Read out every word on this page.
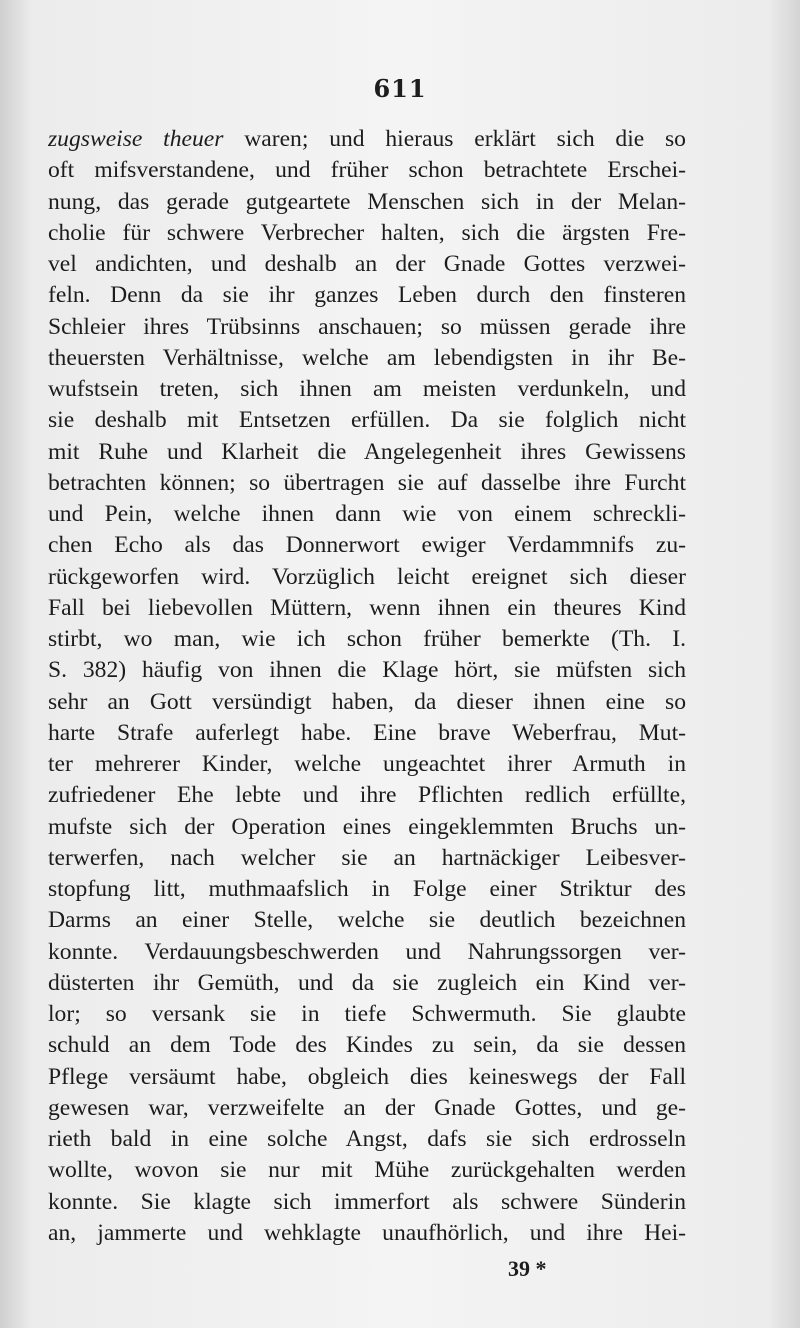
611
zugsweise theuer waren; und hieraus erklärt sich die so
oft mifsverstandene, und früher schon betrachtete Erschei-
nung, das gerade gutgeartete Menschen sich in der Melan-
cholie für schwere Verbrecher halten, sich die ärgsten Fre-
vel andichten, und deshalb an der Gnade Gottes verzwei-
feln. Denn da sie ihr ganzes Leben durch den finsteren
Schleier ihres Trübsinns anschauen; so müssen gerade ihre
theuersten Verhältnisse, welche am lebendigsten in ihr Be-
wufstsein treten, sich ihnen am meisten verdunkeln, und
sie deshalb mit Entsetzen erfüllen. Da sie folglich nicht
mit Ruhe und Klarheit die Angelegenheit ihres Gewissens
betrachten können; so übertragen sie auf dasselbe ihre Furcht
und Pein, welche ihnen dann wie von einem schreckli-
chen Echo als das Donnerwort ewiger Verdammnifs zu-
rückgeworfen wird. Vorzüglich leicht ereignet sich dieser
Fall bei liebevollen Müttern, wenn ihnen ein theures Kind
stirbt, wo man, wie ich schon früher bemerkte (Th. I.
S. 382) häufig von ihnen die Klage hört, sie müfsten sich
sehr an Gott versündigt haben, da dieser ihnen eine so
harte Strafe auferlegt habe. Eine brave Weberfrau, Mut-
ter mehrerer Kinder, welche ungeachtet ihrer Armuth in
zufriedener Ehe lebte und ihre Pflichten redlich erfüllte,
mufste sich der Operation eines eingeklemmten Bruchs un-
terwerfen, nach welcher sie an hartnäckiger Leibesver-
stopfung litt, muthmaafslich in Folge einer Striktur des
Darms an einer Stelle, welche sie deutlich bezeichnen
konnte. Verdauungsbeschwerden und Nahrungssorgen ver-
düsterten ihr Gemüth, und da sie zugleich ein Kind ver-
lor; so versank sie in tiefe Schwermuth. Sie glaubte
schuld an dem Tode des Kindes zu sein, da sie dessen
Pflege versäumt habe, obgleich dies keineswegs der Fall
gewesen war, verzweifelte an der Gnade Gottes, und ge-
rieth bald in eine solche Angst, dafs sie sich erdrosseln
wollte, wovon sie nur mit Mühe zurückgehalten werden
konnte. Sie klagte sich immerfort als schwere Sünderin
an, jammerte und wehklagte unaufhörlich, und ihre Hei-
39 *
